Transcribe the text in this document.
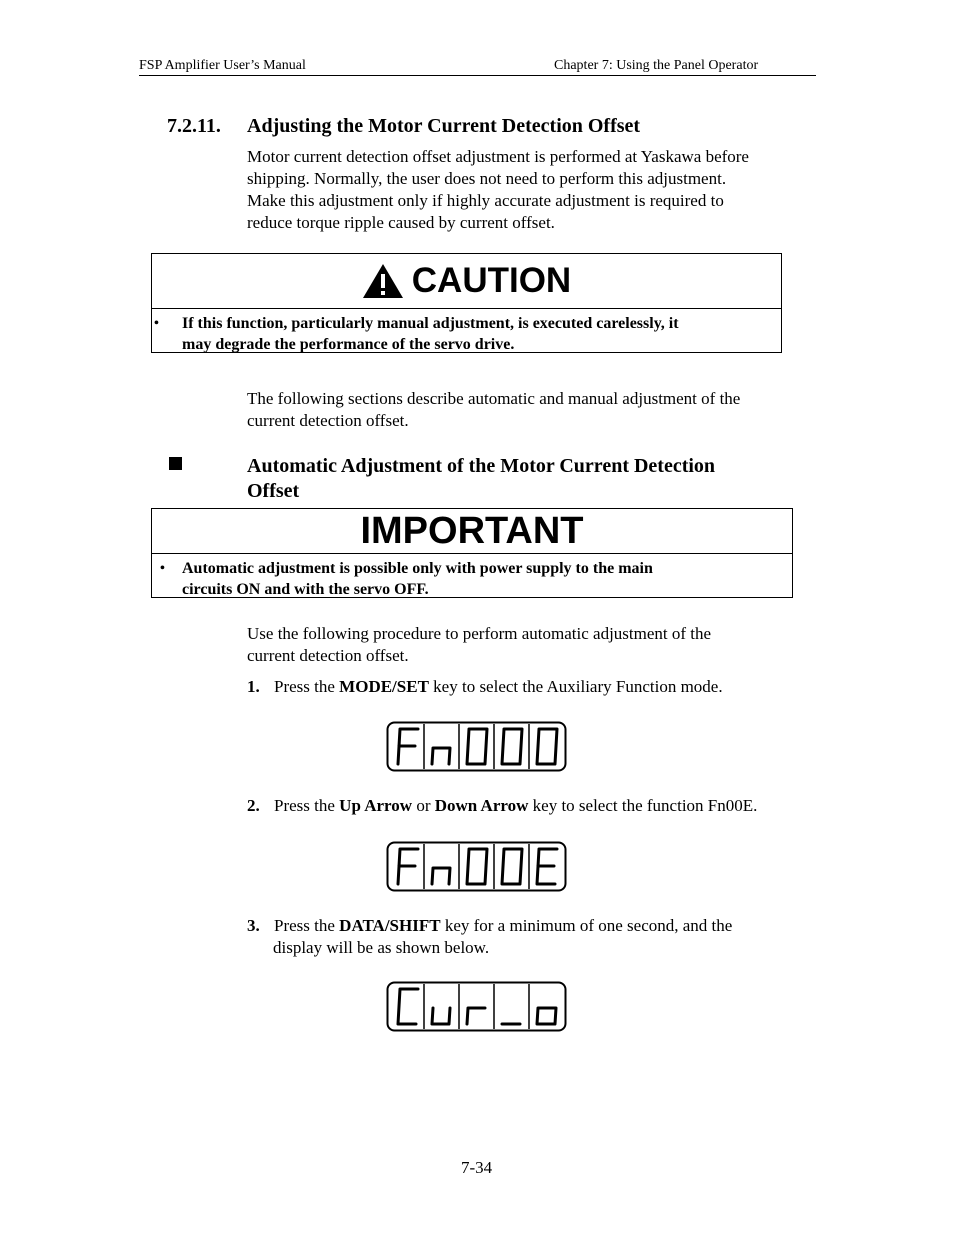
FSP Amplifier User’s Manual	Chapter 7: Using the Panel Operator
7.2.11. Adjusting the Motor Current Detection Offset
Motor current detection offset adjustment is performed at Yaskawa before
shipping. Normally, the user does not need to perform this adjustment.
Make this adjustment only if highly accurate adjustment is required to
reduce torque ripple caused by current offset.
CAUTION
• If this function, particularly manual adjustment, is executed carelessly, it
may degrade the performance of the servo drive.
The following sections describe automatic and manual adjustment of the
current detection offset.
Automatic Adjustment of the Motor Current Detection
Offset
IMPORTANT
• Automatic adjustment is possible only with power supply to the main
circuits ON and with the servo OFF.
Use the following procedure to perform automatic adjustment of the
current detection offset.
1. Press the MODE/SET key to select the Auxiliary Function mode.
2. Press the Up Arrow or Down Arrow key to select the function Fn00E.
3. Press the DATA/SHIFT key for a minimum of one second, and the
display will be as shown below.
7-34
